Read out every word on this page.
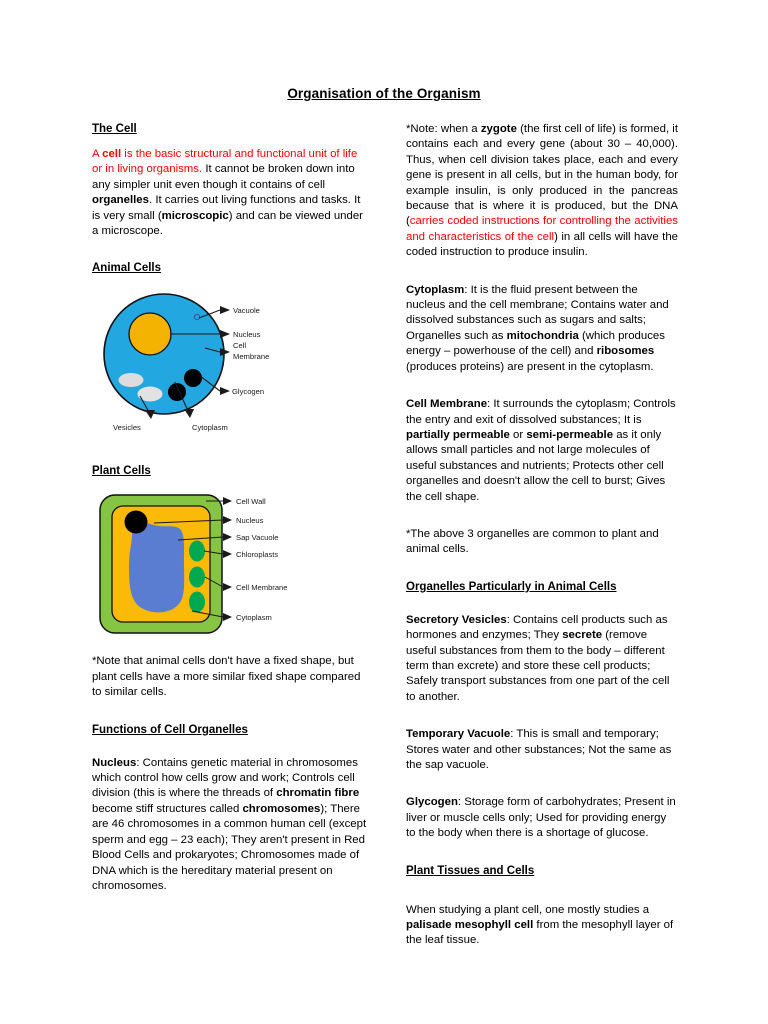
Organisation of the Organism
The Cell

A cell is the basic structural and functional unit of life or in living organisms. It cannot be broken down into any simpler unit even though it contains of cell organelles. It carries out living functions and tasks. It is very small (microscopic) and can be viewed under a microscope.

Animal Cells
Vacuole
Nucleus
Cell
Membrane
Glycogen
Vesicles	Cytoplasm
Plant Cells
Cell Wall
Nucleus
Sap Vacuole
Chloroplasts
Cell Membrane
Cytoplasm

*Note that animal cells don't have a fixed shape, but plant cells have a more similar fixed shape compared to similar cells.

Functions of Cell Organelles

Nucleus: Contains genetic material in chromosomes which control how cells grow and work; Controls cell division (this is where the threads of chromatin fibre become stiff structures called chromosomes); There are 46 chromosomes in a common human cell (except sperm and egg – 23 each); They aren't present in Red Blood Cells and prokaryotes; Chromosomes made of DNA which is the hereditary material present on chromosomes.

*Note: when a zygote (the first cell of life) is formed, it contains each and every gene (about 30 – 40,000). Thus, when cell division takes place, each and every gene is present in all cells, but in the human body, for example insulin, is only produced in the pancreas because that is where it is produced, but the DNA (carries coded instructions for controlling the activities and characteristics of the cell) in all cells will have the coded instruction to produce insulin.

Cytoplasm: It is the fluid present between the nucleus and the cell membrane; Contains water and dissolved substances such as sugars and salts; Organelles such as mitochondria (which produces energy – powerhouse of the cell) and ribosomes (produces proteins) are present in the cytoplasm.

Cell Membrane: It surrounds the cytoplasm; Controls the entry and exit of dissolved substances; It is partially permeable or semi-permeable as it only allows small particles and not large molecules of useful substances and nutrients; Protects other cell organelles and doesn't allow the cell to burst; Gives the cell shape.

*The above 3 organelles are common to plant and animal cells.

Organelles Particularly in Animal Cells

Secretory Vesicles: Contains cell products such as hormones and enzymes; They secrete (remove useful substances from them to the body – different term than excrete) and store these cell products; Safely transport substances from one part of the cell to another.

Temporary Vacuole: This is small and temporary; Stores water and other substances; Not the same as the sap vacuole.

Glycogen: Storage form of carbohydrates; Present in liver or muscle cells only; Used for providing energy to the body when there is a shortage of glucose.

Plant Tissues and Cells

When studying a plant cell, one mostly studies a palisade mesophyll cell from the mesophyll layer of the leaf tissue.
